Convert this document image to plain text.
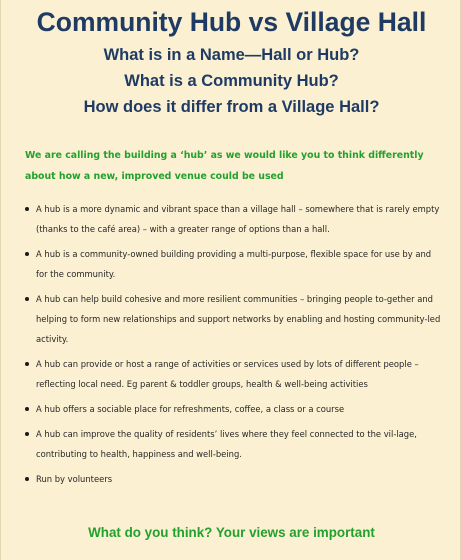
Community Hub vs Village Hall
What is in a Name—Hall or Hub?
What is a Community Hub?
How does it differ from a Village Hall?
We are calling the building a ‘hub’ as we would like you to think differently about how a new, improved venue could be used
A hub is a more dynamic and vibrant space than a village hall – somewhere that is rarely empty (thanks to the café area) – with a greater range of options than a hall.
A hub is a community-owned building providing a multi-purpose, flexible space for use by and for the community.
A hub can help build cohesive and more resilient communities – bringing people to-gether and helping to form new relationships and support networks by enabling and hosting community-led activity.
A hub can provide or host a range of activities or services used by lots of different people – reflecting local need. Eg parent & toddler groups, health & well-being activities
A hub offers a sociable place for refreshments, coffee, a class or a course
A hub can improve the quality of residents’ lives where they feel connected to the vil-lage, contributing to health, happiness and well-being.
Run by volunteers
What do you think? Your views are important
